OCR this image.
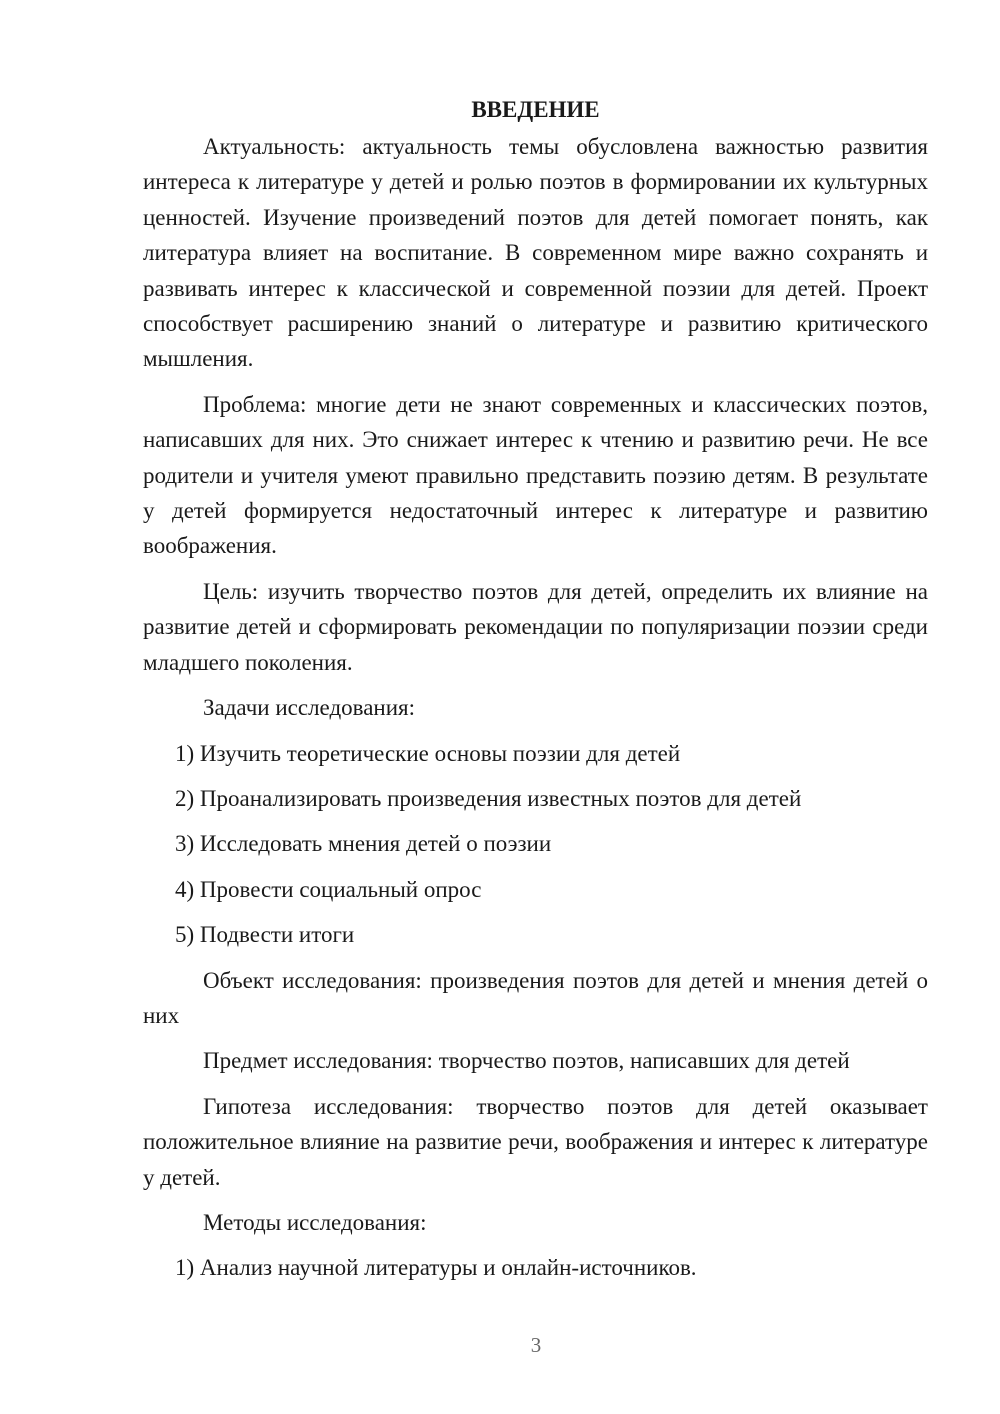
ВВЕДЕНИЕ

Актуальность: актуальность темы обусловлена важностью развития интереса к литературе у детей и ролью поэтов в формировании их культурных ценностей. Изучение произведений поэтов для детей помогает понять, как литература влияет на воспитание. В современном мире важно сохранять и развивать интерес к классической и современной поэзии для детей. Проект способствует расширению знаний о литературе и развитию критического мышления.

Проблема: многие дети не знают современных и классических поэтов, написавших для них. Это снижает интерес к чтению и развитию речи. Не все родители и учителя умеют правильно представить поэзию детям. В результате у детей формируется недостаточный интерес к литературе и развитию воображения.

Цель: изучить творчество поэтов для детей, определить их влияние на развитие детей и сформировать рекомендации по популяризации поэзии среди младшего поколения.

Задачи исследования:
1) Изучить теоретические основы поэзии для детей
2) Проанализировать произведения известных поэтов для детей
3) Исследовать мнения детей о поэзии
4) Провести социальный опрос
5) Подвести итоги

Объект исследования: произведения поэтов для детей и мнения детей о них

Предмет исследования: творчество поэтов, написавших для детей

Гипотеза исследования: творчество поэтов для детей оказывает положительное влияние на развитие речи, воображения и интерес к литературе у детей.

Методы исследования:
1) Анализ научной литературы и онлайн-источников.
3
